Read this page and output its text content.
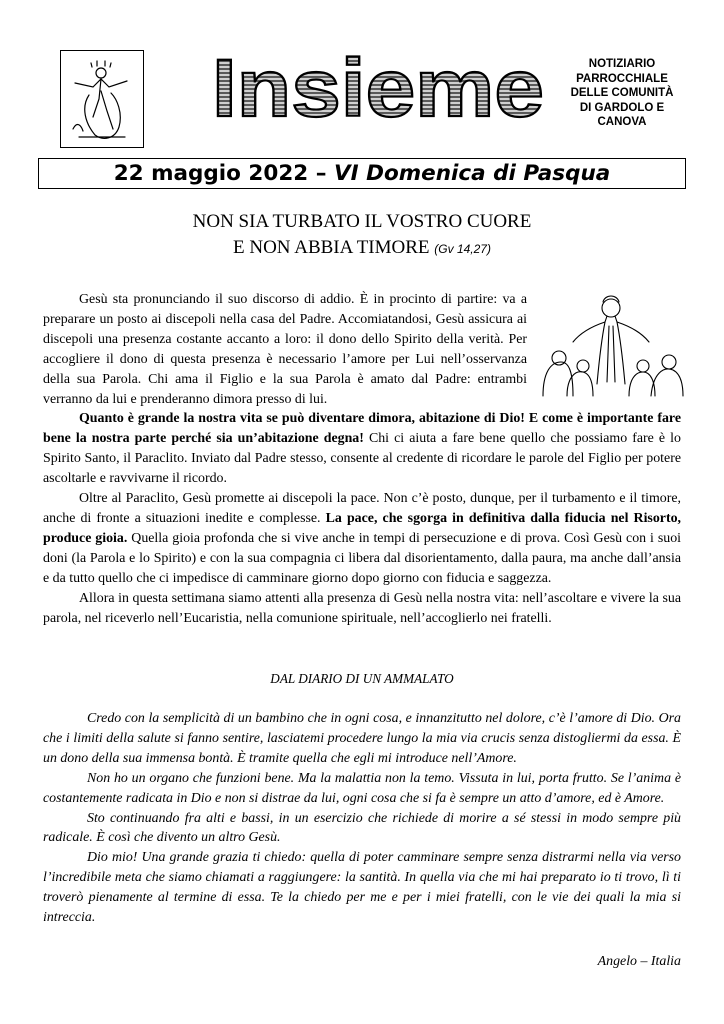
Insieme	NOTIZIARIO
PARROCCHIALE
DELLE COMUNITÀ
DI GARDOLO E
CANOVA
22 maggio 2022 – VI Domenica di Pasqua
NON SIA TURBATO IL VOSTRO CUORE
E NON ABBIA TIMORE (Gv 14,27)

Gesù sta pronunciando il suo discorso di addio. È in procinto di partire: va a preparare un posto ai discepoli nella casa del Padre. Accomiatandosi, Gesù assicura ai discepoli una presenza costante accanto a loro: il dono dello Spirito della verità. Per accogliere il dono di questa presenza è necessario l’amore per Lui nell’osservanza della sua Parola. Chi ama il Figlio e la sua Parola è amato dal Padre: entrambi verranno da lui e prenderanno dimora presso di lui.

Quanto è grande la nostra vita se può diventare dimora, abitazione di Dio! E come è importante fare bene la nostra parte perché sia un’abitazione degna! Chi ci aiuta a fare bene quello che possiamo fare è lo Spirito Santo, il Paraclito. Inviato dal Padre stesso, consente al credente di ricordare le parole del Figlio per potere ascoltarle e ravvivarne il ricordo.

Oltre al Paraclito, Gesù promette ai discepoli la pace. Non c’è posto, dunque, per il turbamento e il timore, anche di fronte a situazioni inedite e complesse. La pace, che sgorga in definitiva dalla fiducia nel Risorto, produce gioia. Quella gioia profonda che si vive anche in tempi di persecuzione e di prova. Così Gesù con i suoi doni (la Parola e lo Spirito) e con la sua compagnia ci libera dal disorientamento, dalla paura, ma anche dall’ansia e da tutto quello che ci impedisce di camminare giorno dopo giorno con fiducia e saggezza.

Allora in questa settimana siamo attenti alla presenza di Gesù nella nostra vita: nell’ascoltare e vivere la sua parola, nel riceverlo nell’Eucaristia, nella comunione spirituale, nell’accoglierlo nei fratelli.

DAL DIARIO DI UN AMMALATO

Credo con la semplicità di un bambino che in ogni cosa, e innanzitutto nel dolore, c’è l’amore di Dio. Ora che i limiti della salute si fanno sentire, lasciatemi procedere lungo la mia via crucis senza distogliermi da essa. È un dono della sua immensa bontà. È tramite quella che egli mi introduce nell’Amore.

Non ho un organo che funzioni bene. Ma la malattia non la temo. Vissuta in lui, porta frutto. Se l’anima è costantemente radicata in Dio e non si distrae da lui, ogni cosa che si fa è sempre un atto d’amore, ed è Amore.

Sto continuando fra alti e bassi, in un esercizio che richiede di morire a sé stessi in modo sempre più radicale. È così che divento un altro Gesù.

Dio mio! Una grande grazia ti chiedo: quella di poter camminare sempre senza distrarmi nella via verso l’incredibile meta che siamo chiamati a raggiungere: la santità. In quella via che mi hai preparato io ti trovo, lì ti troverò pienamente al termine di essa. Te la chiedo per me e per i miei fratelli, con le vie dei quali la mia si intreccia.

Angelo – Italia
